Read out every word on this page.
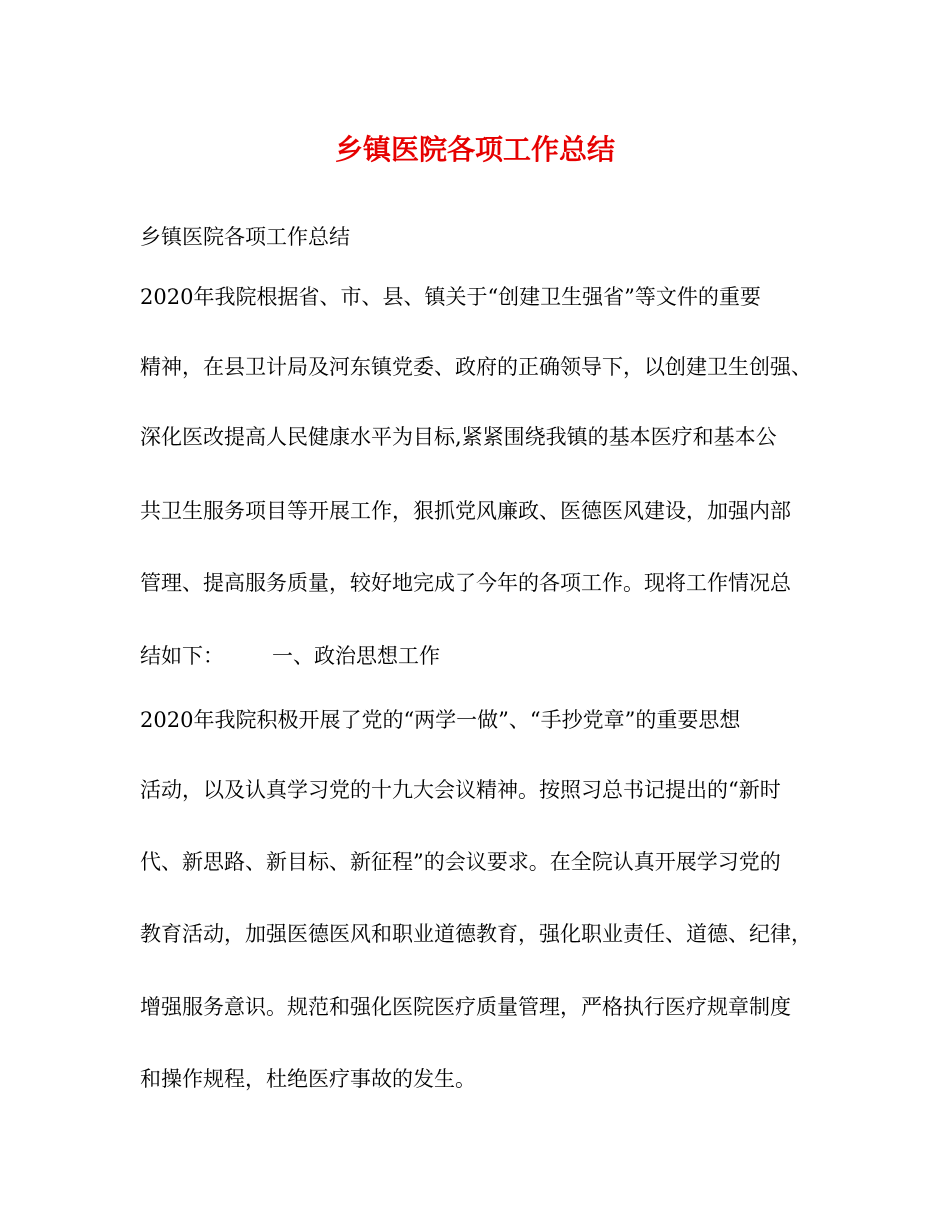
乡镇医院各项工作总结
乡镇医院各项工作总结
2020年我院根据省、市、县、镇关于“创建卫生强省”等文件的重要
精神，在县卫计局及河东镇党委、政府的正确领导下，以创建卫生创强、
深化医改提高人民健康水平为目标,紧紧围绕我镇的基本医疗和基本公
共卫生服务项目等开展工作，狠抓党风廉政、医德医风建设，加强内部
管理、提高服务质量，较好地完成了今年的各项工作。现将工作情况总
结如下： 一、政治思想工作
2020年我院积极开展了党的“两学一做”、“手抄党章”的重要思想
活动，以及认真学习党的十九大会议精神。按照习总书记提出的“新时
代、新思路、新目标、新征程”的会议要求。在全院认真开展学习党的
教育活动，加强医德医风和职业道德教育，强化职业责任、道德、纪律，
增强服务意识。规范和强化医院医疗质量管理，严格执行医疗规章制度
和操作规程，杜绝医疗事故的发生。
